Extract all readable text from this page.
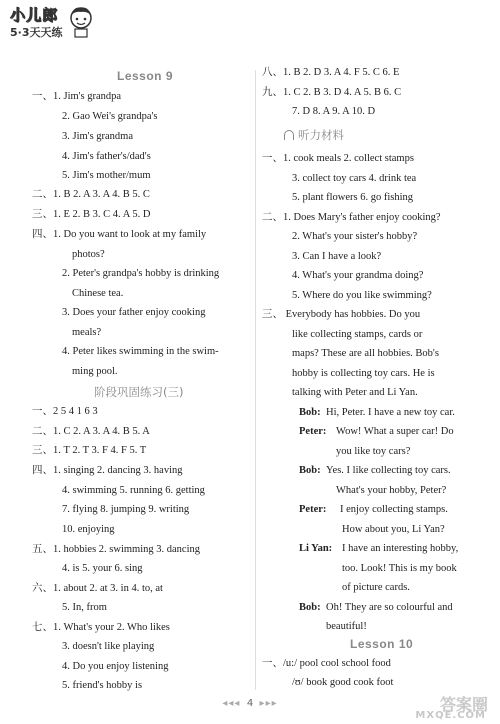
小儿郎
5·3天天练
Lesson 9
一、1. Jim's grandpa
2. Gao Wei's grandpa's
3. Jim's grandma
4. Jim's father's/dad's
5. Jim's mother/mum
二、1. B 2. A 3. A 4. B 5. C
三、1. E 2. B 3. C 4. A 5. D
四、1. Do you want to look at my family
photos?
2. Peter's grandpa's hobby is drinking
Chinese tea.
3. Does your father enjoy cooking
meals?
4. Peter likes swimming in the swim-
ming pool.
阶段巩固练习(三)
一、2 5 4 1 6 3
二、1. C 2. A 3. A 4. B 5. A
三、1. T 2. T 3. F 4. F 5. T
四、1. singing 2. dancing 3. having
4. swimming 5. running 6. getting
7. flying 8. jumping 9. writing
10. enjoying
五、1. hobbies 2. swimming 3. dancing
4. is 5. your 6. sing
六、1. about 2. at 3. in 4. to, at
5. In, from
七、1. What's your 2. Who likes
3. doesn't like playing
4. Do you enjoy listening
5. friend's hobby is
八、1. B 2. D 3. A 4. F 5. C 6. E
九、1. C 2. B 3. D 4. A 5. B 6. C
7. D 8. A 9. A 10. D
听力材料
一、1. cook meals 2. collect stamps
3. collect toy cars 4. drink tea
5. plant flowers 6. go fishing
二、1. Does Mary's father enjoy cooking?
2. What's your sister's hobby?
3. Can I have a look?
4. What's your grandma doing?
5. Where do you like swimming?
三、 Everybody has hobbies. Do you
like collecting stamps, cards or
maps? These are all hobbies. Bob's
hobby is collecting toy cars. He is
talking with Peter and Li Yan.
Bob: Hi, Peter. I have a new toy car.
Peter: Wow! What a super car! Do
you like toy cars?
Bob: Yes. I like collecting toy cars.
What's your hobby, Peter?
Peter: I enjoy collecting stamps.
How about you, Li Yan?
Li Yan: I have an interesting hobby,
too. Look! This is my book
of picture cards.
Bob: Oh! They are so colourful and
beautiful!
Lesson 10
一、/u:/ pool cool school food
/ʊ/ book good cook foot
◂◂◂ 4 ▸▸▸	答案圈
MXQE.COM
